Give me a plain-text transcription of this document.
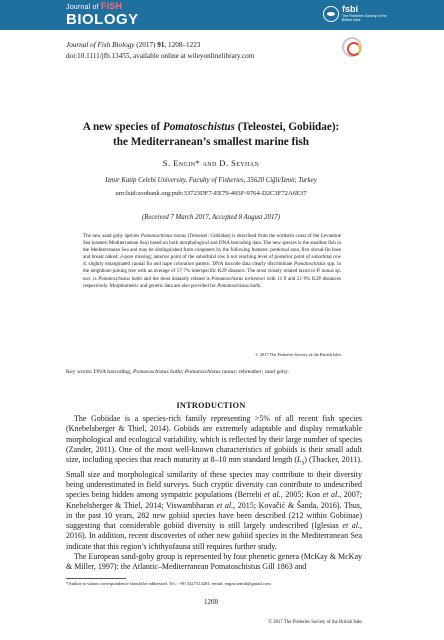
Journal of FISH
BIOLOGY
fsbi
The Fisheries Society of the British Isles
Journal of Fish Biology (2017) 91, 1208–1223
doi:10.1111/jfb.13455, available online at wileyonlinelibrary.com
A new species of Pomatoschistus (Teleostei, Gobiidae):
the Mediterranean’s smallest marine fish
S. Engin* and D. Seyhan
Izmir Katip Celebi University, Faculty of Fisheries, 35620 Ciğli/İzmir, Turkey
urn:lsid:zoobank.org:pub:33723DF7-EE79-493F-9764-D2C3F72A6E37
(Received 7 March 2017, Accepted 8 August 2017)
The new sand goby species Pomatoschistus nanus (Teleostei: Gobiidae) is described from the northern coast of the Levantine Sea (eastern Mediterranean Sea) based on both morphological and DNA barcoding data. The new species is the smallest fish in the Mediterranean Sea and may be distinguished from congeners by the following features: predorsal area, first dorsal-fin base and breast naked; ŏ-pore missing; anterior point of the suborbital row b not reaching level of posterior point of suborbital row d; slightly emarginated caudal fin and nape coloration pattern. DNA barcode data clearly discriminate Pomatoschistus spp. in the neighbour-joining tree with an average of 17·7% interspecific K2P distance. The most closely related taxon to P. nanus sp. nov. is Pomatoschistus bathi and the most distantly related is Pomatoschistus tortonesei with 11·9 and 21·9% K2P distances respectively. Morphometric and genetic data are also provided for Pomatoschistus bathi.
© 2017 The Fisheries Society of the British Isles
Key words: DNA barcoding; Pomatoschistus bathi; Pomatoschistus nanus; rebreather; sand goby.
INTRODUCTION

The Gobiidae is a species-rich family representing >5% of all recent fish species (Knebelsberger & Thiel, 2014). Gobiids are extremely adaptable and display remarkable morphological and ecological variability, which is reflected by their large number of species (Zander, 2011). One of the most well-known characteristics of gobiids is their small adult size, including species that reach maturity at 8–10 mm standard length $(L_S)$ (Thacker, 2011). Small size and morphological similarity of these species may contribute to their diversity being underestimated in field surveys. Such cryptic diversity can contribute to undescribed species being hidden among sympatric populations (Berrebi et al., 2005; Kon et al., 2007; Knebelsberger & Thiel, 2014; Viswambharan et al., 2015; Kovačić & Šanda, 2016). Thus, in the past 10 years, 282 new gobiid species have been described (212 within Gobiinae) suggesting that considerable gobiid diversity is still largely undescribed (Iglesias et al., 2016). In addition, recent discoveries of other new gobiid species in the Mediterranean Sea indicate that this region’s ichthyofauna still requires further study.

The European sand-goby group is represented by four phenetic genera (McKay & McKay & Miller, 1997): the Atlantic–Mediterranean Pomatoschistus Gill 1863 and

*Author to whom correspondence should be addressed. Tel.: +90 5427314281; email: engin.semih@gmail.com
1208
© 2017 The Fisheries Society of the British Isles
